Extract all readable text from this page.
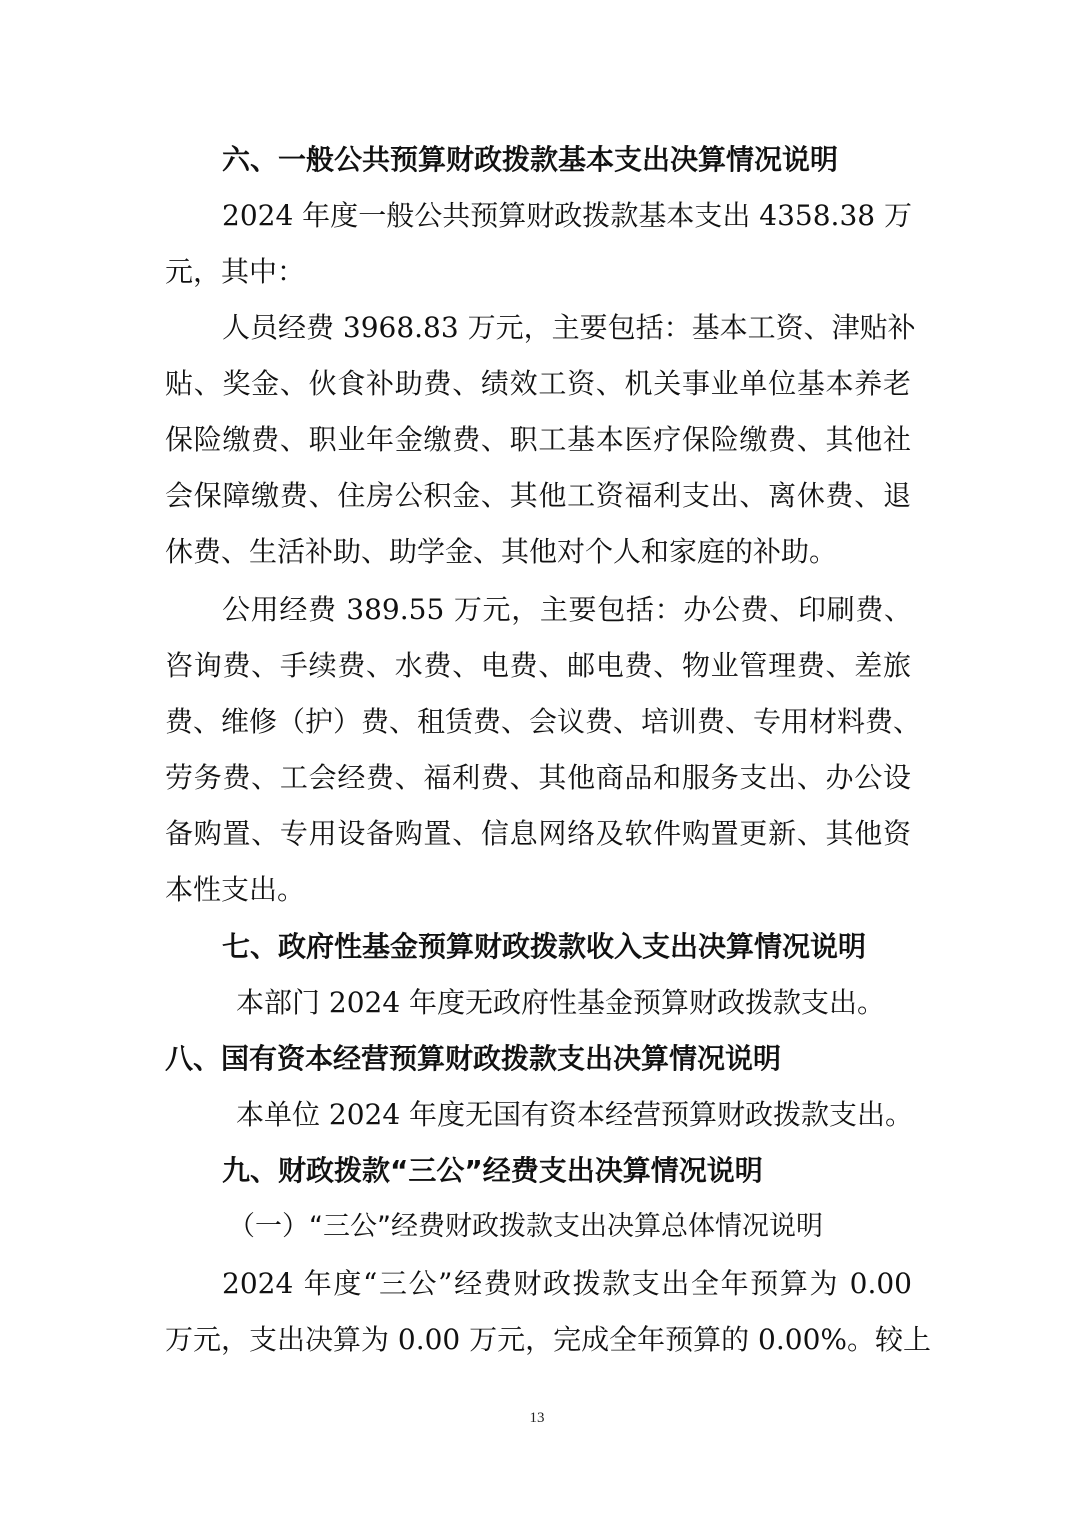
六、一般公共预算财政拨款基本支出决算情况说明
2024 年度一般公共预算财政拨款基本支出 4358.38 万
元，其中：
人员经费 3968.83 万元，主要包括：基本工资、津贴补
贴、奖金、伙食补助费、绩效工资、机关事业单位基本养老
保险缴费、职业年金缴费、职工基本医疗保险缴费、其他社
会保障缴费、住房公积金、其他工资福利支出、离休费、退
休费、生活补助、助学金、其他对个人和家庭的补助。
公用经费 389.55 万元，主要包括：办公费、印刷费、
咨询费、手续费、水费、电费、邮电费、物业管理费、差旅
费、维修（护）费、租赁费、会议费、培训费、专用材料费、
劳务费、工会经费、福利费、其他商品和服务支出、办公设
备购置、专用设备购置、信息网络及软件购置更新、其他资
本性支出。
七、政府性基金预算财政拨款收入支出决算情况说明
本部门 2024 年度无政府性基金预算财政拨款支出。
八、国有资本经营预算财政拨款支出决算情况说明
本单位 2024 年度无国有资本经营预算财政拨款支出。
九、财政拨款“三公”经费支出决算情况说明
（一）“三公”经费财政拨款支出决算总体情况说明
2024 年度“三公”经费财政拨款支出全年预算为 0.00
万元，支出决算为 0.00 万元，完成全年预算的 0.00%。较上
13
